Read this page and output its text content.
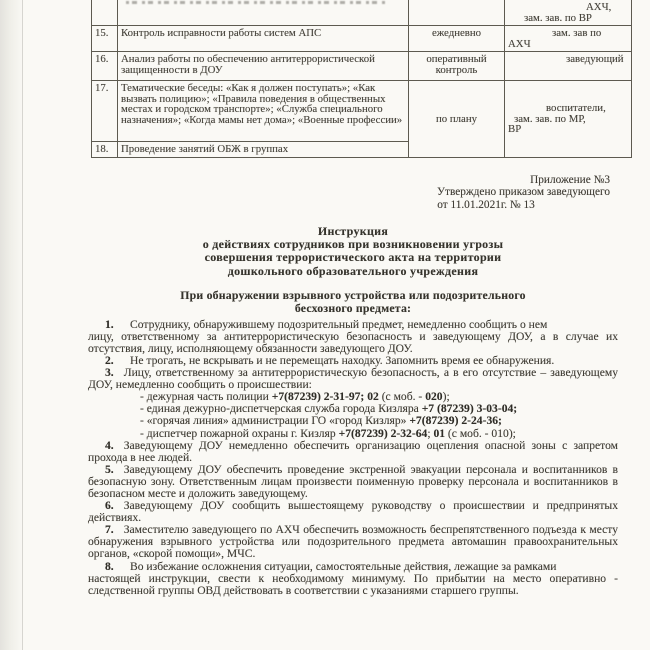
			АХЧ,
зам. зав. по ВР

15.	Контроль исправности работы систем АПС	ежедневно	зам. зав по
АХЧ

16.	Анализ работы по обеспечению антитеррористической защищенности в ДОУ	оперативный контроль	заведующий

17.	Тематические беседы: «Как я должен поступать»; «Как вызвать полицию»; «Правила поведения в общественных местах и городском транспорте»; «Служба специального назначения»; «Когда мамы нет дома»; «Военные профессии»	по плану	
воспитатели,
зам. зав. по МР,
ВР

18.	Проведение занятий ОБЖ в группах		
Приложение №3
Утверждено приказом заведующего
от 11.01.2021г. № 13
Инструкция
о действиях сотрудников при возникновении угрозы
совершения террористического акта на территории
дошкольного образовательного учреждения
При обнаружении взрывного устройства или подозрительного
бесхозного предмета:

1. Сотруднику, обнаружившему подозрительный предмет, немедленно сообщить о нем

лицу, ответственному за антитеррористическую безопасность и заведующему ДОУ, а в случае их отсутствия, лицу, исполняющему обязанности заведующего ДОУ.

2. Не трогать, не вскрывать и не перемещать находку. Запомнить время ее обнаружения.

3. Лицу, ответственному за антитеррористическую безопасность, а в его отсутствие – заведующему ДОУ, немедленно сообщить о происшествии:

- дежурная часть полиции +7(87239) 2-31-97; 02 (с моб. - 020);

- единая дежурно-диспетчерская служба города Кизляра +7 (87239) 3-03-04;

- «горячая линия» администрации ГО «город Кизляр» +7(87239) 2-24-36;

- диспетчер пожарной охраны г. Кизляр +7(87239) 2-32-64; 01 (с моб. - 010);

4. Заведующему ДОУ немедленно обеспечить организацию оцепления опасной зоны с запретом прохода в нее людей.

5. Заведующему ДОУ обеспечить проведение экстренной эвакуации персонала и воспитанников в безопасную зону. Ответственным лицам произвести поименную проверку персонала и воспитанников в безопасном месте и доложить заведующему.

6. Заведующему ДОУ сообщить вышестоящему руководству о происшествии и предпринятых действиях.

7. Заместителю заведующего по АХЧ обеспечить возможность беспрепятственного подъезда к месту обнаружения взрывного устройства или подозрительного предмета автомашин правоохранительных органов, «скорой помощи», МЧС.

8. Во избежание осложнения ситуации, самостоятельные действия, лежащие за рамками

настоящей инструкции, свести к необходимому минимуму. По прибытии на место оперативно - следственной группы ОВД действовать в соответствии с указаниями старшего группы.
